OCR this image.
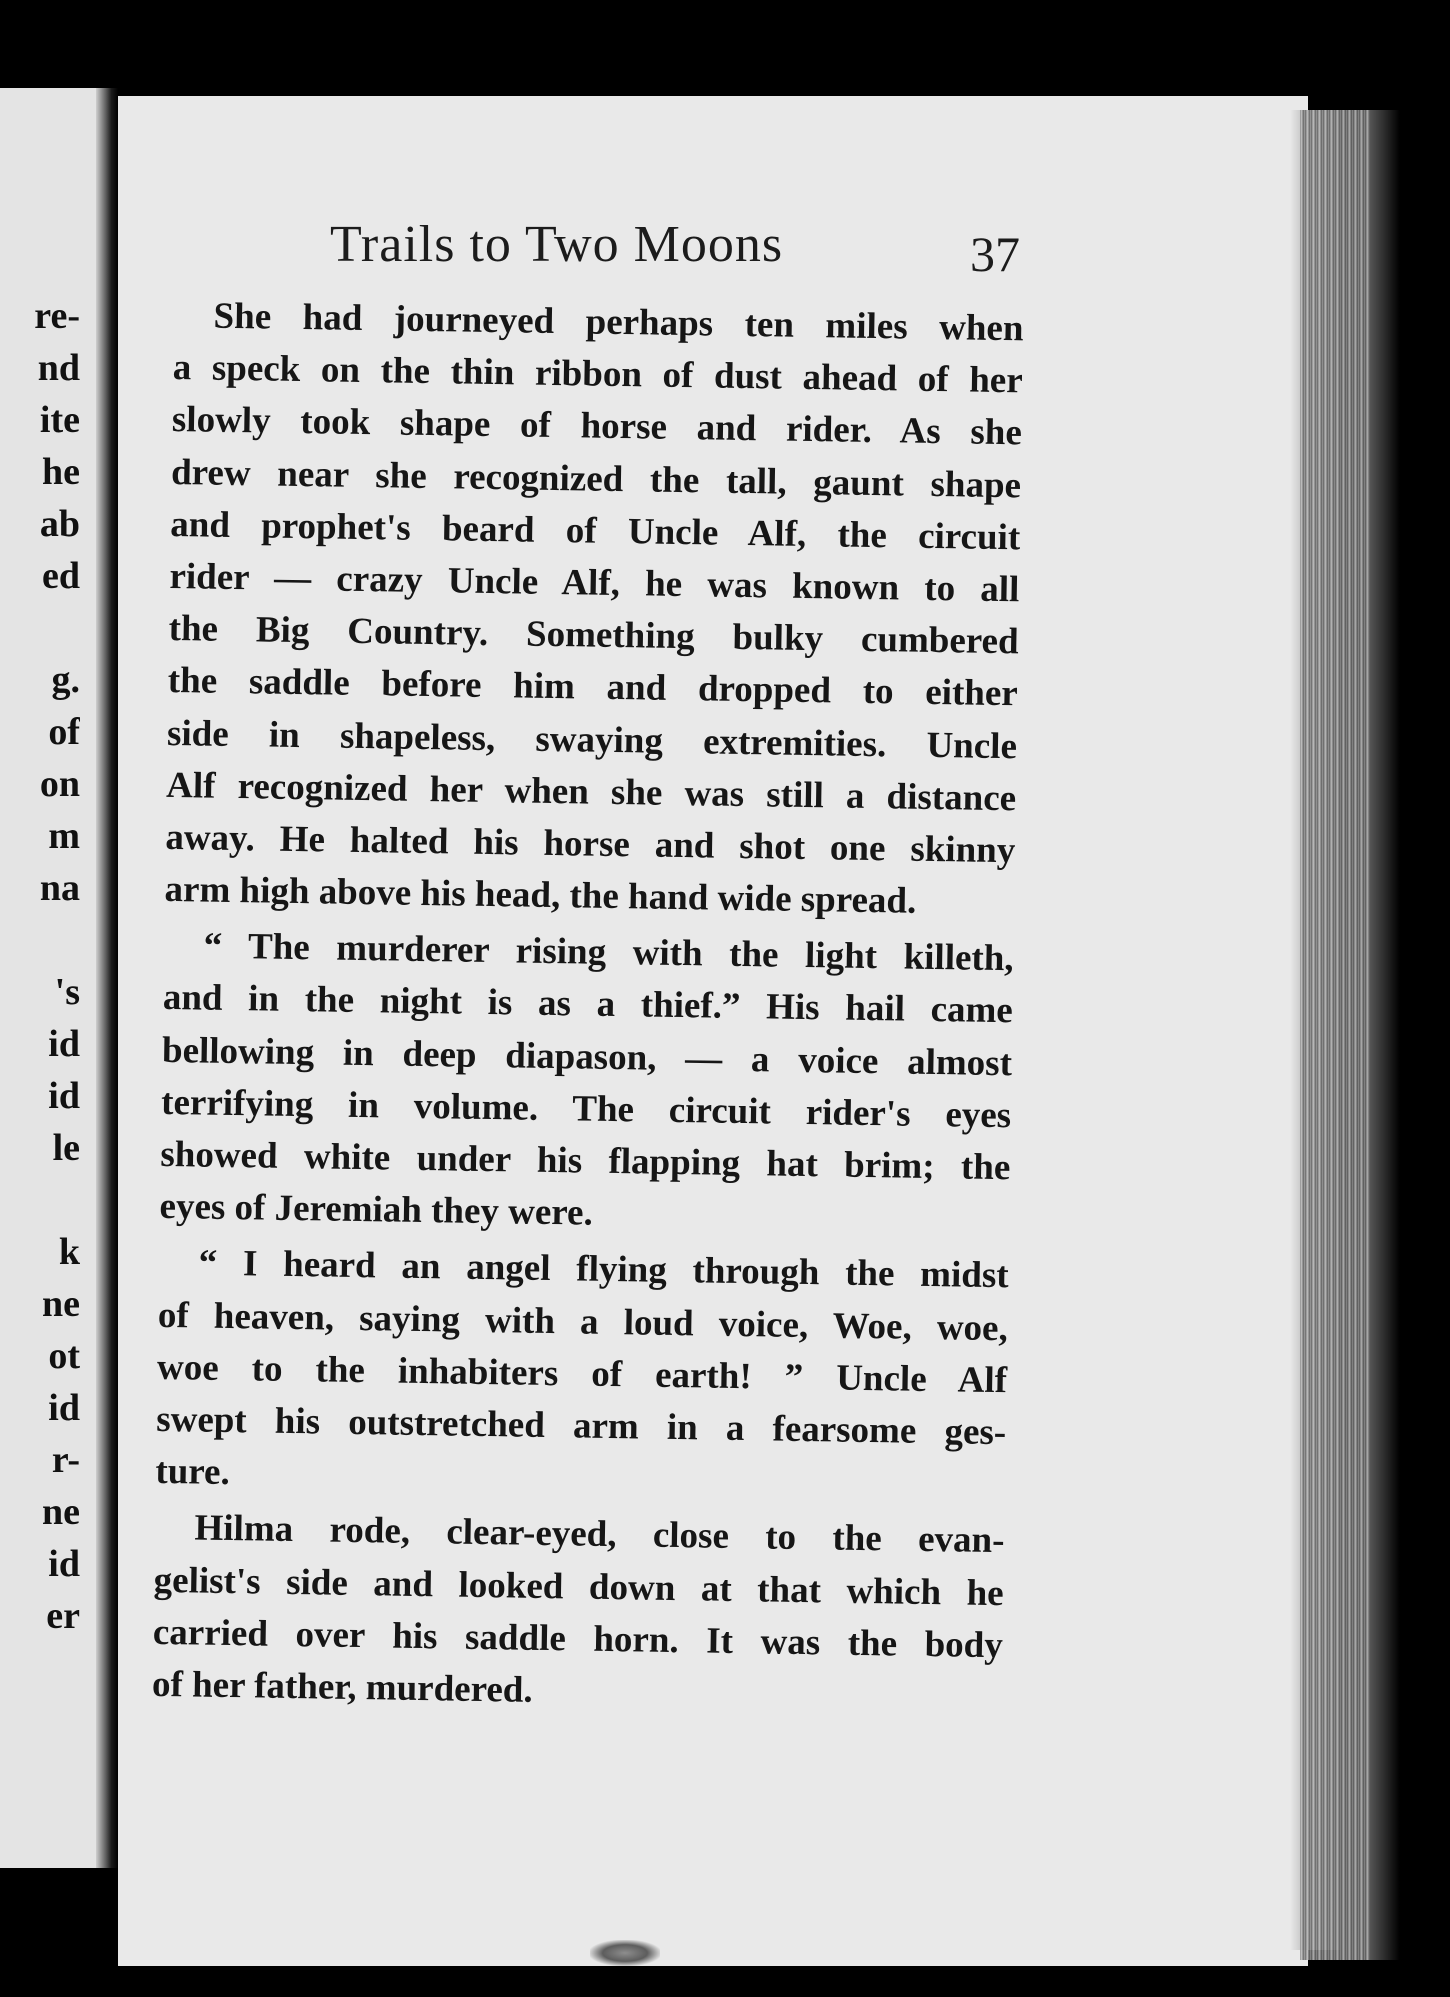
re-
nd
ite
he
ab
ed
g.
of
on
m
na
's
id
id
le
k
ne
ot
id
r-
ne
id
er
Trails to Two Moons	37
She had journeyed perhaps ten miles when
a speck on the thin ribbon of dust ahead of her
slowly took shape of horse and rider. As she
drew near she recognized the tall, gaunt shape
and prophet's beard of Uncle Alf, the circuit
rider — crazy Uncle Alf, he was known to all
the Big Country. Something bulky cumbered
the saddle before him and dropped to either
side in shapeless, swaying extremities. Uncle
Alf recognized her when she was still a distance
away. He halted his horse and shot one skinny
arm high above his head, the hand wide spread.
“ The murderer rising with the light killeth,
and in the night is as a thief.” His hail came
bellowing in deep diapason, — a voice almost
terrifying in volume. The circuit rider's eyes
showed white under his flapping hat brim; the
eyes of Jeremiah they were.
“ I heard an angel flying through the midst
of heaven, saying with a loud voice, Woe, woe,
woe to the inhabiters of earth! ” Uncle Alf
swept his outstretched arm in a fearsome ges-
ture.
Hilma rode, clear-eyed, close to the evan-
gelist's side and looked down at that which he
carried over his saddle horn. It was the body
of her father, murdered.
